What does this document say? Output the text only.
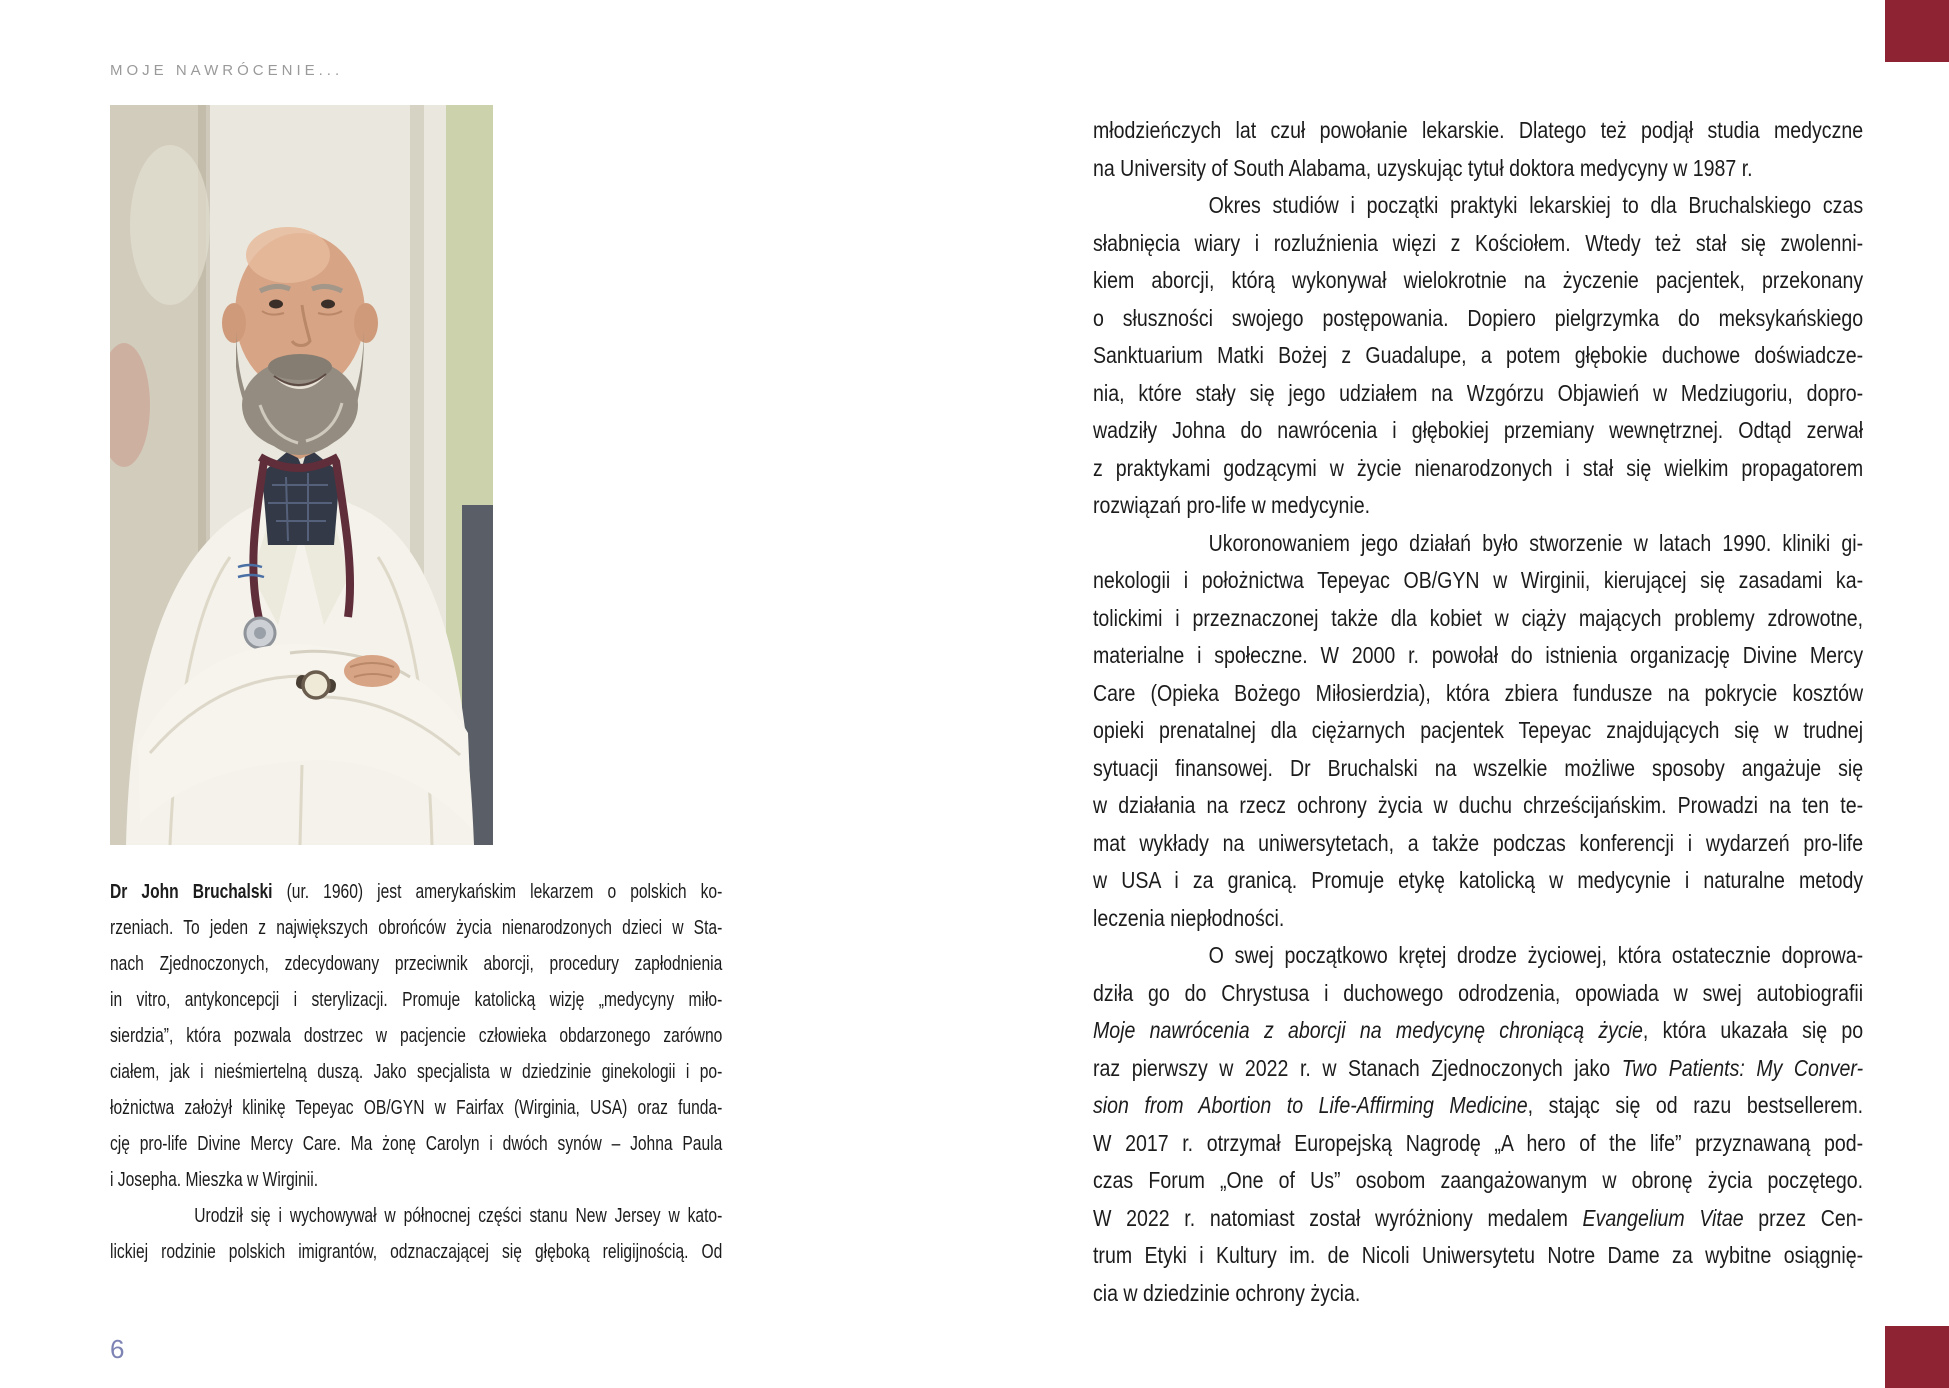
MOJE NAWRÓCENIE...
Dr John Bruchalski (ur. 1960) jest amerykańskim lekarzem o polskich ko-
rzeniach. To jeden z największych obrońców życia nienarodzonych dzieci w Sta-
nach Zjednoczonych, zdecydowany przeciwnik aborcji, procedury zapłodnienia
in vitro, antykoncepcji i sterylizacji. Promuje katolicką wizję „medycyny miło-
sierdzia”, która pozwala dostrzec w pacjencie człowieka obdarzonego zarówno
ciałem, jak i nieśmiertelną duszą. Jako specjalista w dziedzinie ginekologii i po-
łożnictwa założył klinikę Tepeyac OB/GYN w Fairfax (Wirginia, USA) oraz funda-
cję pro-life Divine Mercy Care. Ma żonę Carolyn i dwóch synów – Johna Paula
i Josepha. Mieszka w Wirginii.
Urodził się i wychowywał w północnej części stanu New Jersey w kato-
lickiej rodzinie polskich imigrantów, odznaczającej się głęboką religijnością. Od
młodzieńczych lat czuł powołanie lekarskie. Dlatego też podjął studia medyczne
na University of South Alabama, uzyskując tytuł doktora medycyny w 1987 r.
Okres studiów i początki praktyki lekarskiej to dla Bruchalskiego czas
słabnięcia wiary i rozluźnienia więzi z Kościołem. Wtedy też stał się zwolenni-
kiem aborcji, którą wykonywał wielokrotnie na życzenie pacjentek, przekonany
o słuszności swojego postępowania. Dopiero pielgrzymka do meksykańskiego
Sanktuarium Matki Bożej z Guadalupe, a potem głębokie duchowe doświadcze-
nia, które stały się jego udziałem na Wzgórzu Objawień w Medziugoriu, dopro-
wadziły Johna do nawrócenia i głębokiej przemiany wewnętrznej. Odtąd zerwał
z praktykami godzącymi w życie nienarodzonych i stał się wielkim propagatorem
rozwiązań pro-life w medycynie.
Ukoronowaniem jego działań było stworzenie w latach 1990. kliniki gi-
nekologii i położnictwa Tepeyac OB/GYN w Wirginii, kierującej się zasadami ka-
tolickimi i przeznaczonej także dla kobiet w ciąży mających problemy zdrowotne,
materialne i społeczne. W 2000 r. powołał do istnienia organizację Divine Mercy
Care (Opieka Bożego Miłosierdzia), która zbiera fundusze na pokrycie kosztów
opieki prenatalnej dla ciężarnych pacjentek Tepeyac znajdujących się w trudnej
sytuacji finansowej. Dr Bruchalski na wszelkie możliwe sposoby angażuje się
w działania na rzecz ochrony życia w duchu chrześcijańskim. Prowadzi na ten te-
mat wykłady na uniwersytetach, a także podczas konferencji i wydarzeń pro-life
w USA i za granicą. Promuje etykę katolicką w medycynie i naturalne metody
leczenia niepłodności.
O swej początkowo krętej drodze życiowej, która ostatecznie doprowa-
dziła go do Chrystusa i duchowego odrodzenia, opowiada w swej autobiografii
Moje nawrócenia z aborcji na medycynę chroniącą życie, która ukazała się po
raz pierwszy w 2022 r. w Stanach Zjednoczonych jako Two Patients: My Conver-
sion from Abortion to Life-Affirming Medicine, stając się od razu bestsellerem.
W 2017 r. otrzymał Europejską Nagrodę „A hero of the life” przyznawaną pod-
czas Forum „One of Us” osobom zaangażowanym w obronę życia poczętego.
W 2022 r. natomiast został wyróżniony medalem Evangelium Vitae przez Cen-
trum Etyki i Kultury im. de Nicoli Uniwersytetu Notre Dame za wybitne osiągnię-
cia w dziedzinie ochrony życia.
6
